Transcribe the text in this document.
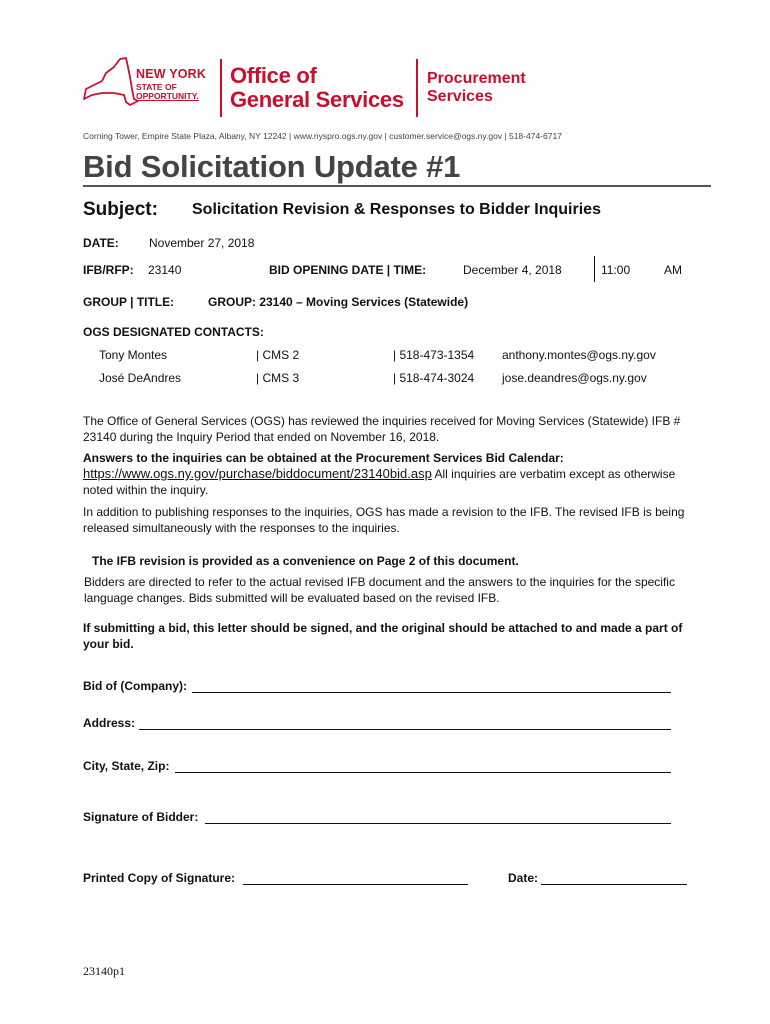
NEW YORK
STATE OF
OPPORTUNITY.
Office of
General Services
Procurement
Services
Corning Tower, Empire State Plaza, Albany, NY 12242 | www.nyspro.ogs.ny.gov | customer.service@ogs.ny.gov | 518-474-6717
Bid Solicitation Update #1
Subject: Solicitation Revision & Responses to Bidder Inquiries
DATE:	November 27, 2018
IFB/RFP: 23140	BID OPENING DATE | TIME:	December 4, 2018	11:00	AM
GROUP | TITLE:	GROUP: 23140 – Moving Services (Statewide)
OGS DESIGNATED CONTACTS:
Tony Montes	| CMS 2	| 518-473-1354 anthony.montes@ogs.ny.gov
José DeAndres	| CMS 3	| 518-474-3024 jose.deandres@ogs.ny.gov
The Office of General Services (OGS) has reviewed the inquiries received for Moving Services (Statewide) IFB # 23140 during the Inquiry Period that ended on November 16, 2018.
Answers to the inquiries can be obtained at the Procurement Services Bid Calendar:
https://www.ogs.ny.gov/purchase/biddocument/23140bid.asp All inquiries are verbatim except as otherwise noted within the inquiry.
In addition to publishing responses to the inquiries, OGS has made a revision to the IFB. The revised IFB is being released simultaneously with the responses to the inquiries.
The IFB revision is provided as a convenience on Page 2 of this document.
Bidders are directed to refer to the actual revised IFB document and the answers to the inquiries for the specific language changes. Bids submitted will be evaluated based on the revised IFB.
If submitting a bid, this letter should be signed, and the original should be attached to and made a part of your bid.
Bid of (Company):
Address:
City, State, Zip:
Signature of Bidder:
Printed Copy of Signature:	Date:
23140p1
